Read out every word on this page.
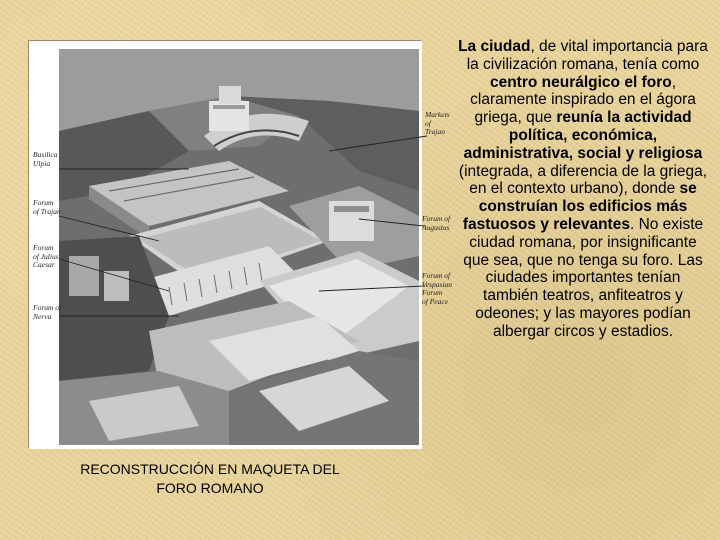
Markets
of Trajan
Basilica
Ulpia
Forum
of Trajan
Forum
of Julius
Caesar
Forum of
Nerva
Forum of
Augustus
Forum of
Vespasian
Forum
of Peace
RECONSTRUCCIÓN EN MAQUETA DEL
FORO ROMANO
La ciudad, de vital importancia para la civilización romana, tenía como centro neurálgico el foro, claramente inspirado en el ágora griega, que reunía la actividad política, económica, administrativa, social y religiosa (integrada, a diferencia de la griega, en el contexto urbano), donde se construían los edificios más fastuosos y relevantes. No existe ciudad romana, por insignificante que sea, que no tenga su foro. Las ciudades importantes tenían también teatros, anfiteatros y odeones; y las mayores podían albergar circos y estadios.
